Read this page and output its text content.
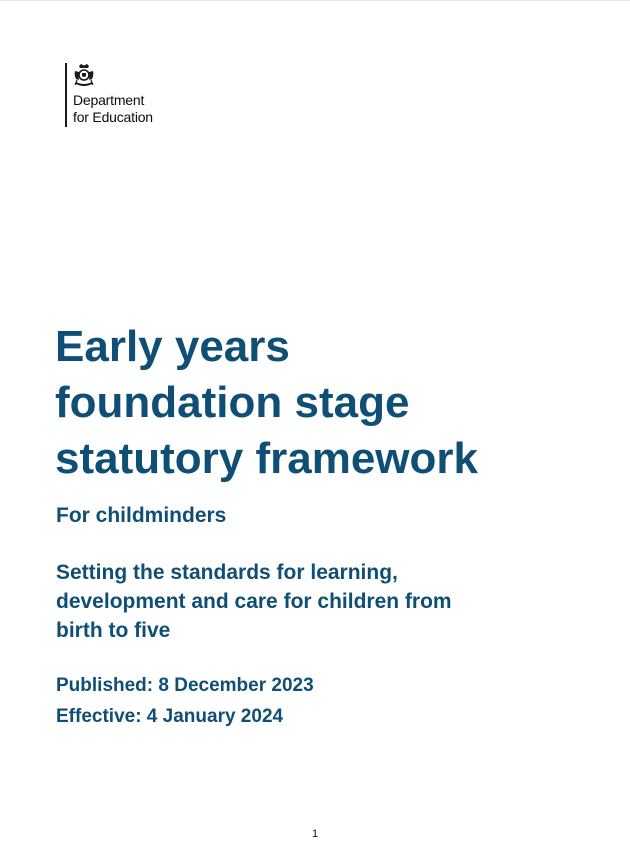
Department
for Education
Early years
foundation stage
statutory framework
For childminders
Setting the standards for learning,
development and care for children from
birth to five
Published: 8 December 2023
Effective: 4 January 2024
1
